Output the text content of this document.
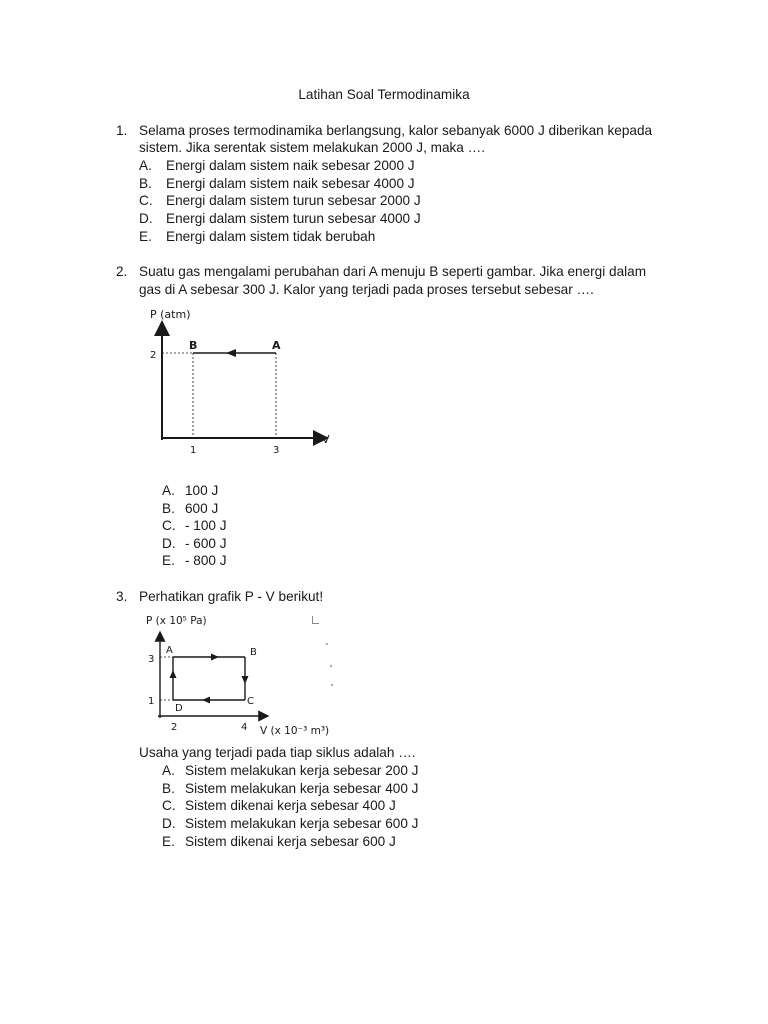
Latihan Soal Termodinamika
1. Selama proses termodinamika berlangsung, kalor sebanyak 6000 J diberikan kepada
sistem. Jika serentak sistem melakukan 2000 J, maka ….
A. Energi dalam sistem naik sebesar 2000 J
B. Energi dalam sistem naik sebesar 4000 J
C. Energi dalam sistem turun sebesar 2000 J
D. Energi dalam sistem turun sebesar 4000 J
E. Energi dalam sistem tidak berubah
2. Suatu gas mengalami perubahan dari A menuju B seperti gambar. Jika energi dalam
gas di A sebesar 300 J. Kalor yang terjadi pada proses tersebut sebesar ….
P (atm)
V
2
1	3
B	A
A. 100 J
B. 600 J
C. - 100 J
D. - 600 J
E. - 800 J
3. Perhatikan grafik P - V berikut!
P (x 10⁵ Pa)
V (x 10⁻³ m³)
3
1
2	4
A	B
C
D
Usaha yang terjadi pada tiap siklus adalah ….
A. Sistem melakukan kerja sebesar 200 J
B. Sistem melakukan kerja sebesar 400 J
C. Sistem dikenai kerja sebesar 400 J
D. Sistem melakukan kerja sebesar 600 J
E. Sistem dikenai kerja sebesar 600 J
